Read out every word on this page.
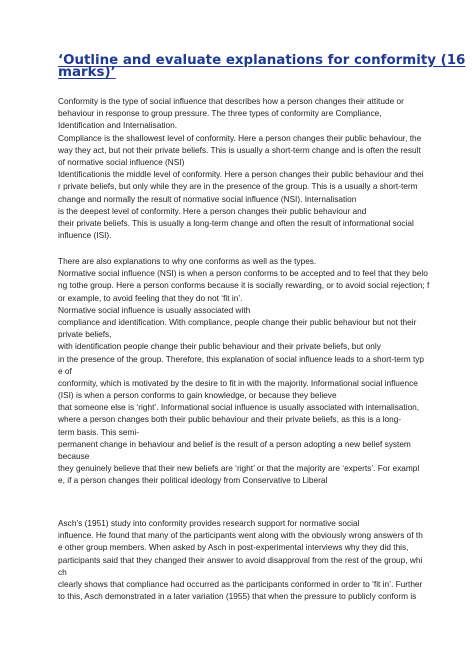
‘Outline and evaluate explanations for conformity (16
marks)’
Conformity is the type of social influence that describes how a person changes their attitude or
behaviour in response to group pressure. The three types of conformity are Compliance,
Identification and Internalisation.
Compliance is the shallowest level of conformity. Here a person changes their public behaviour, the
way they act, but not their private beliefs. This is usually a short-term change and is often the result
of normative social influence (NSI)
Identificationis the middle level of conformity. Here a person changes their public behaviour and thei
r private beliefs, but only while they are in the presence of the group. This is a usually a short-term
change and normally the result of normative social influence (NSI). Internalisation
is the deepest level of conformity. Here a person changes their public behaviour and
their private beliefs. This is usually a long-term change and often the result of informational social
influence (ISI).
There are also explanations to why one conforms as well as the types.
Normative social influence (NSI) is when a person conforms to be accepted and to feel that they belo
ng tothe group. Here a person conforms because it is socially rewarding, or to avoid social rejection; f
or example, to avoid feeling that they do not ‘fit in’.
Normative social influence is usually associated with
compliance and identification. With compliance, people change their public behaviour but not their
private beliefs,
with identification people change their public behaviour and their private beliefs, but only
in the presence of the group. Therefore, this explanation of social influence leads to a short-term typ
e of
conformity, which is motivated by the desire to fit in with the majority. Informational social influence
(ISI) is when a person conforms to gain knowledge, or because they believe
that someone else is ‘right’. Informational social influence is usually associated with internalisation,
where a person changes both their public behaviour and their private beliefs, as this is a long-
term basis. This semi-
permanent change in behaviour and belief is the result of a person adopting a new belief system
because
they genuinely believe that their new beliefs are ‘right’ or that the majority are ‘experts’. For exampl
e, if a person changes their political ideology from Conservative to Liberal
Asch’s (1951) study into conformity provides research support for normative social
influence. He found that many of the participants went along with the obviously wrong answers of th
e other group members. When asked by Asch in post-experimental interviews why they did this,
participants said that they changed their answer to avoid disapproval from the rest of the group, whi
ch
clearly shows that compliance had occurred as the participants conformed in order to ‘fit in’. Further
to this, Asch demonstrated in a later variation (1955) that when the pressure to publicly conform is
